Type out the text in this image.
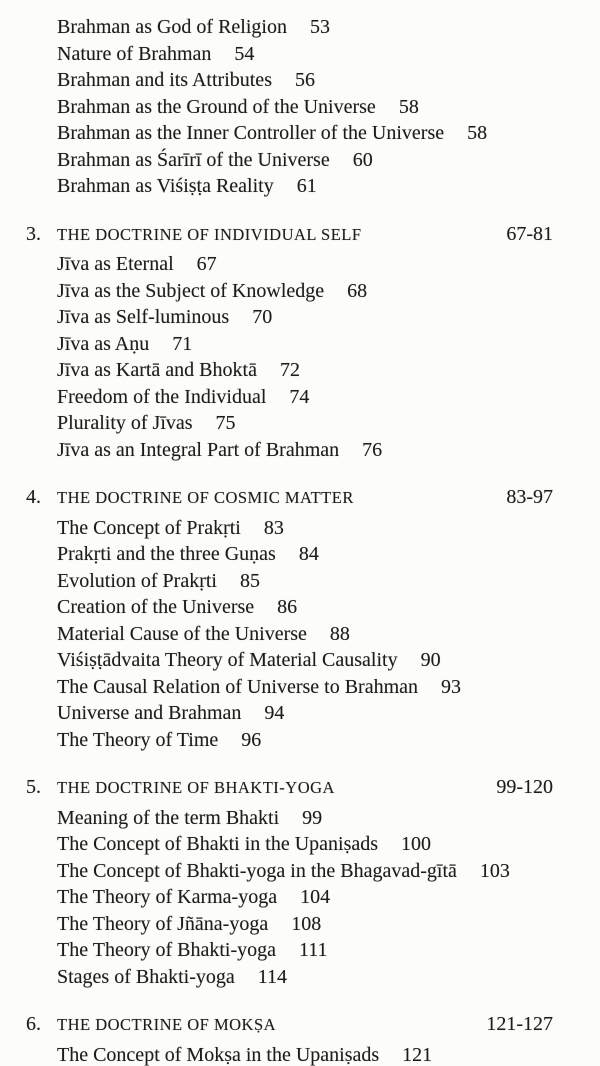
Brahman as God of Religion 53
Nature of Brahman 54
Brahman and its Attributes 56
Brahman as the Ground of the Universe 58
Brahman as the Inner Controller of the Universe 58
Brahman as Śarīrī of the Universe 60
Brahman as Viśiṣṭa Reality 61
3. THE DOCTRINE OF INDIVIDUAL SELF	67-81
Jīva as Eternal 67
Jīva as the Subject of Knowledge 68
Jīva as Self-luminous 70
Jīva as Aṇu 71
Jīva as Kartā and Bhoktā 72
Freedom of the Individual 74
Plurality of Jīvas 75
Jīva as an Integral Part of Brahman 76
4. THE DOCTRINE OF COSMIC MATTER	83-97
The Concept of Prakṛti 83
Prakṛti and the three Guṇas 84
Evolution of Prakṛti 85
Creation of the Universe 86
Material Cause of the Universe 88
Viśiṣṭādvaita Theory of Material Causality 90
The Causal Relation of Universe to Brahman 93
Universe and Brahman 94
The Theory of Time 96
5. THE DOCTRINE OF BHAKTI-YOGA	99-120
Meaning of the term Bhakti 99
The Concept of Bhakti in the Upaniṣads 100
The Concept of Bhakti-yoga in the Bhagavad-gītā 103
The Theory of Karma-yoga 104
The Theory of Jñāna-yoga 108
The Theory of Bhakti-yoga 111
Stages of Bhakti-yoga 114
6. THE DOCTRINE OF MOKṢA	121-127
The Concept of Mokṣa in the Upaniṣads 121
